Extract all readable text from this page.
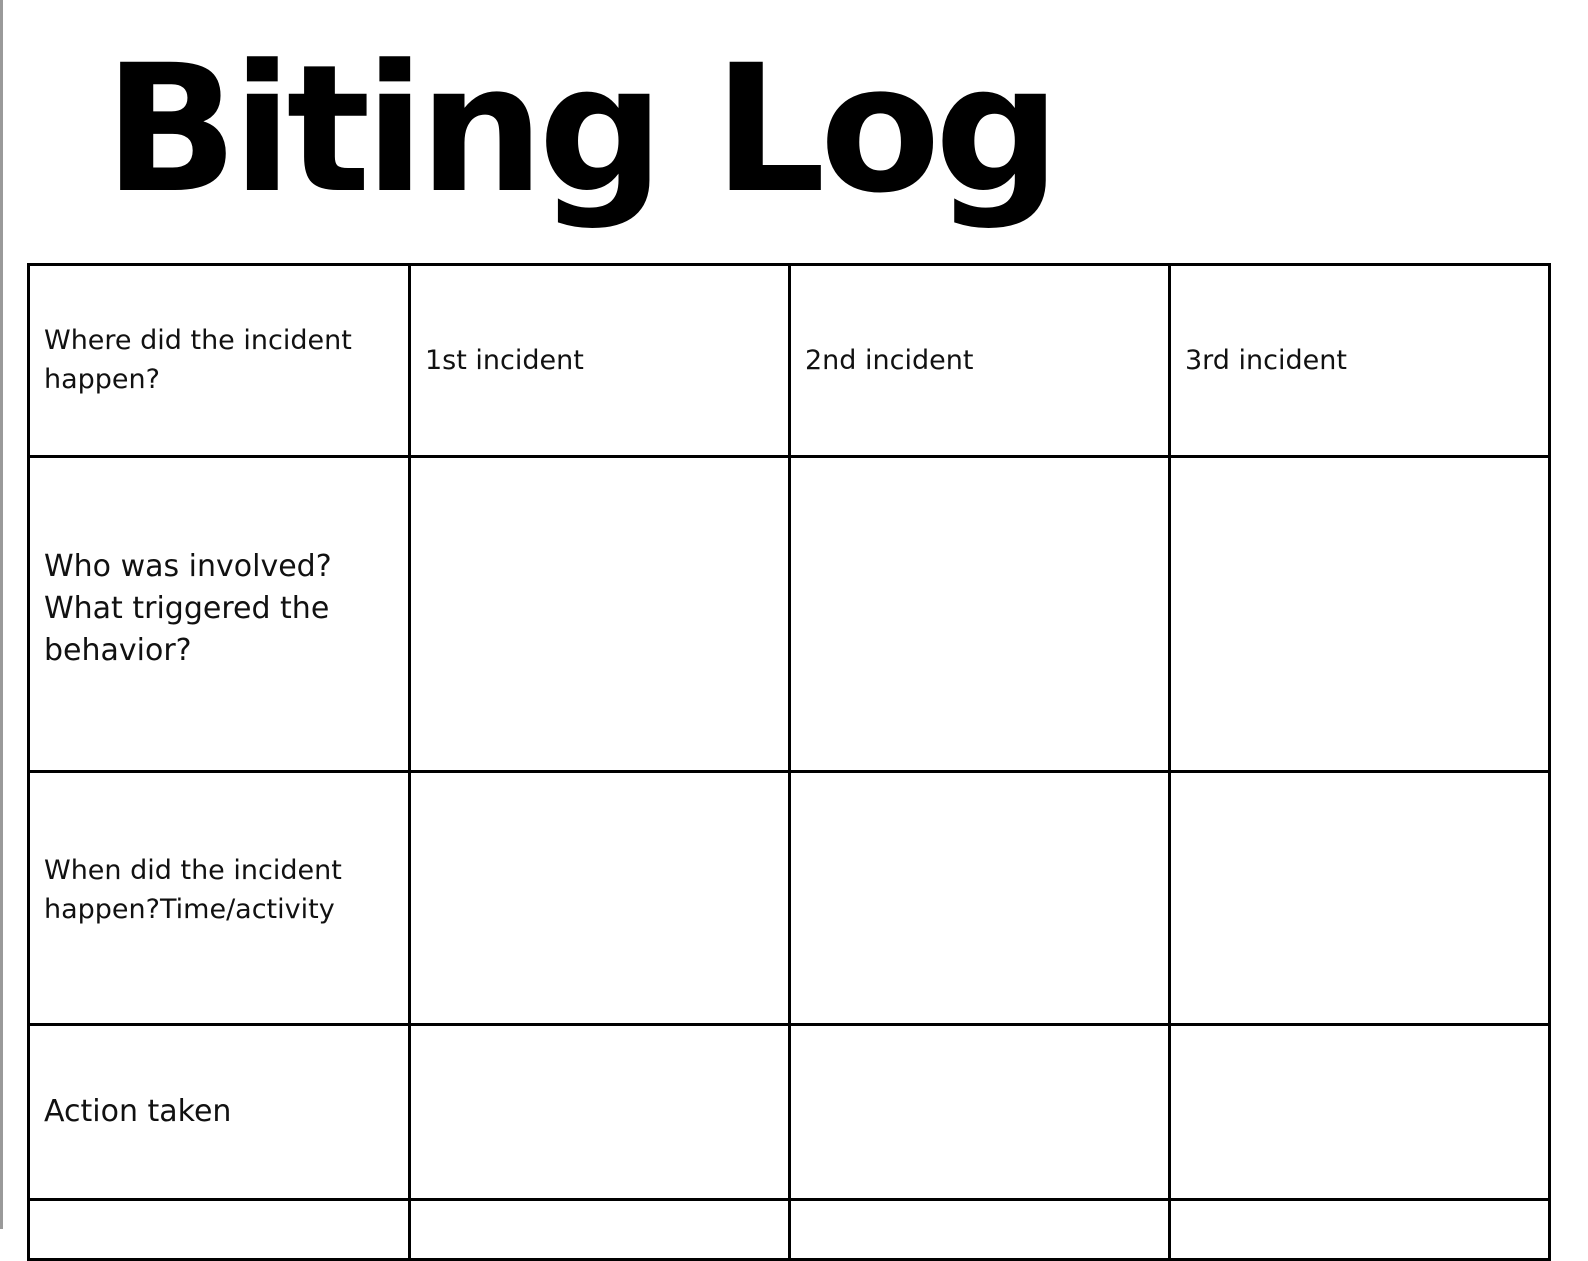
Biting Log
Where did the incident
happen?	1st incident	2nd incident	3rd incident
Who was involved?
What triggered the
behavior?			
When did the incident
happen?Time/activity			
Action taken			
